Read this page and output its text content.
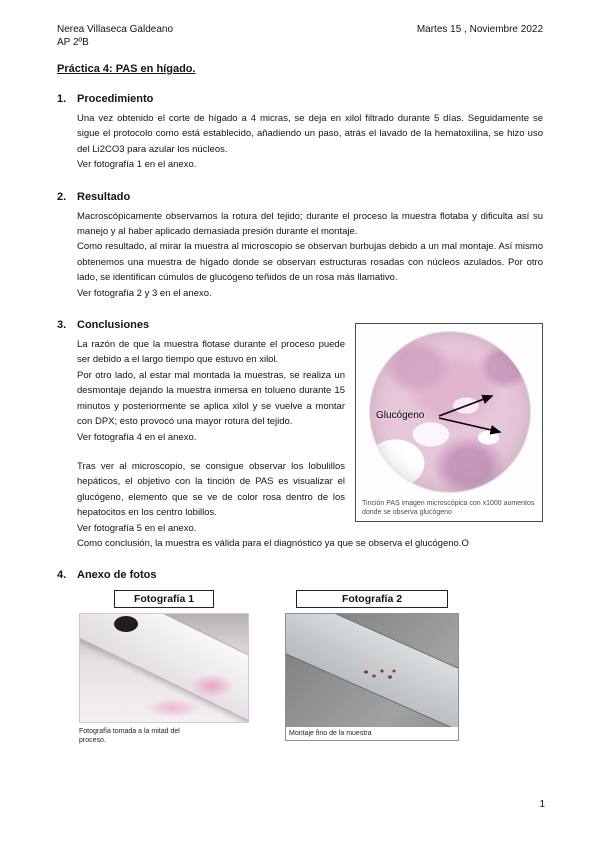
Nerea Villaseca Galdeano
AP 2ºB
Martes 15 , Noviembre 2022
Práctica 4: PAS en hígado.
1. Procedimiento

Una vez obtenido el corte de hígado a 4 micras, se deja en xilol filtrado durante 5 días. Seguidamente se sigue el protocolo como está establecido, añadiendo un paso, atrás el lavado de la hematoxilina, se hizo uso del Li2CO3 para azular los núcleos.

Ver fotografía 1 en el anexo.

2. Resultado

Macroscópicamente observamos la rotura del tejido; durante el proceso la muestra flotaba y dificulta así su manejo y al haber aplicado demasiada presión durante el montaje.

Como resultado, al mirar la muestra al microscopio se observan burbujas debido a un mal montaje. Así mismo obtenemos una muestra de hígado donde se observan estructuras rosadas con núcleos azulados. Por otro lado, se identifican cúmulos de glucógeno teñidos de un rosa más llamativo.

Ver fotografía 2 y 3 en el anexo.

3. Conclusiones
Glucógeno
Tinción PAS imagen microscópica con x1000 aumentos donde se observa glucógeno

La razón de que la muestra flotase durante el proceso puede ser debido a el largo tiempo que estuvo en xilol.

Por otro lado, al estar mal montada la muestras, se realiza un desmontaje dejando la muestra inmersa en tolueno durante 15 minutos y posteriormente se aplica xilol y se vuelve a montar con DPX; esto provocó una mayor rotura del tejido.

Ver fotografía 4 en el anexo.

Tras ver al microscopio, se consigue observar los lobulillos hepáticos, el objetivo con la tinción de PAS es visualizar el glucógeno, elemento que se ve de color rosa dentro de los hepatocitos en los centro lobillos.

Ver fotografía 5 en el anexo.

Como conclusión, la muestra es válida para el diagnóstico ya que se observa el glucógeno.O

4. Anexo de fotos
Fotografía 1
Fotografía tomada a la mitad del proceso.
Fotografía 2
Montaje fino de la muestra
1
